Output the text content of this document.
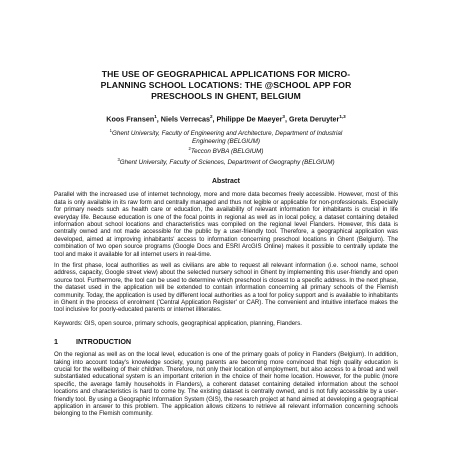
THE USE OF GEOGRAPHICAL APPLICATIONS FOR MICRO-
PLANNING SCHOOL LOCATIONS: THE @SCHOOL APP FOR
PRESCHOOLS IN GHENT, BELGIUM
Koos Fransen$^1$, Niels Verrecas$^2$, Philippe De Maeyer$^3$, Greta Deruyter$^{1,3}$
$^1$Ghent University, Faculty of Engineering and Architecture, Department of Industrial
Engineering (BELGIUM)
$^2$Teccon BVBA (BELGIUM)
$^3$Ghent University, Faculty of Sciences, Department of Geography (BELGIUM)
Abstract

Parallel with the increased use of internet technology, more and more data becomes freely accessible. However, most of this data is only available in its raw form and centrally managed and thus not legible or applicable for non-professionals. Especially for primary needs such as health care or education, the availability of relevant information for inhabitants is crucial in life everyday life. Because education is one of the focal points in regional as well as in local policy, a dataset containing detailed information about school locations and characteristics was compiled on the regional level Flanders. However, this data is centrally owned and not made accessible for the public by a user-friendly tool. Therefore, a geographical application was developed, aimed at improving inhabitants' access to information concerning preschool locations in Ghent (Belgium). The combination of two open source programs (Google Docs and ESRI ArcGIS Online) makes it possible to centrally update the tool and make it available for all internet users in real-time.

In the first phase, local authorities as well as civilians are able to request all relevant information (i.e. school name, school address, capacity, Google street view) about the selected nursery school in Ghent by implementing this user-friendly and open source tool. Furthermore, the tool can be used to determine which preschool is closest to a specific address. In the next phase, the dataset used in the application will be extended to contain information concerning all primary schools of the Flemish community. Today, the application is used by different local authorities as a tool for policy support and is available to inhabitants in Ghent in the process of enrolment ('Central Application Register' or CAR). The convenient and intuitive interface makes the tool inclusive for poorly-educated parents or internet illiterates.

Keywords: GIS, open source, primary schools, geographical application, planning, Flanders.

1	INTRODUCTION

On the regional as well as on the local level, education is one of the primary goals of policy in Flanders (Belgium). In addition, taking into account today's knowledge society, young parents are becoming more convinced that high quality education is crucial for the wellbeing of their children. Therefore, not only their location of employment, but also access to a broad and well substantiated educational system is an important criterion in the choice of their home location. However, for the public (more specific, the average family households in Flanders), a coherent dataset containing detailed information about the school locations and characteristics is hard to come by. The existing dataset is centrally owned, and is not fully accessible by a user-friendly tool. By using a Geographic Information System (GIS), the research project at hand aimed at developing a geographical application in answer to this problem. The application allows citizens to retrieve all relevant information concerning schools belonging to the Flemish community.
